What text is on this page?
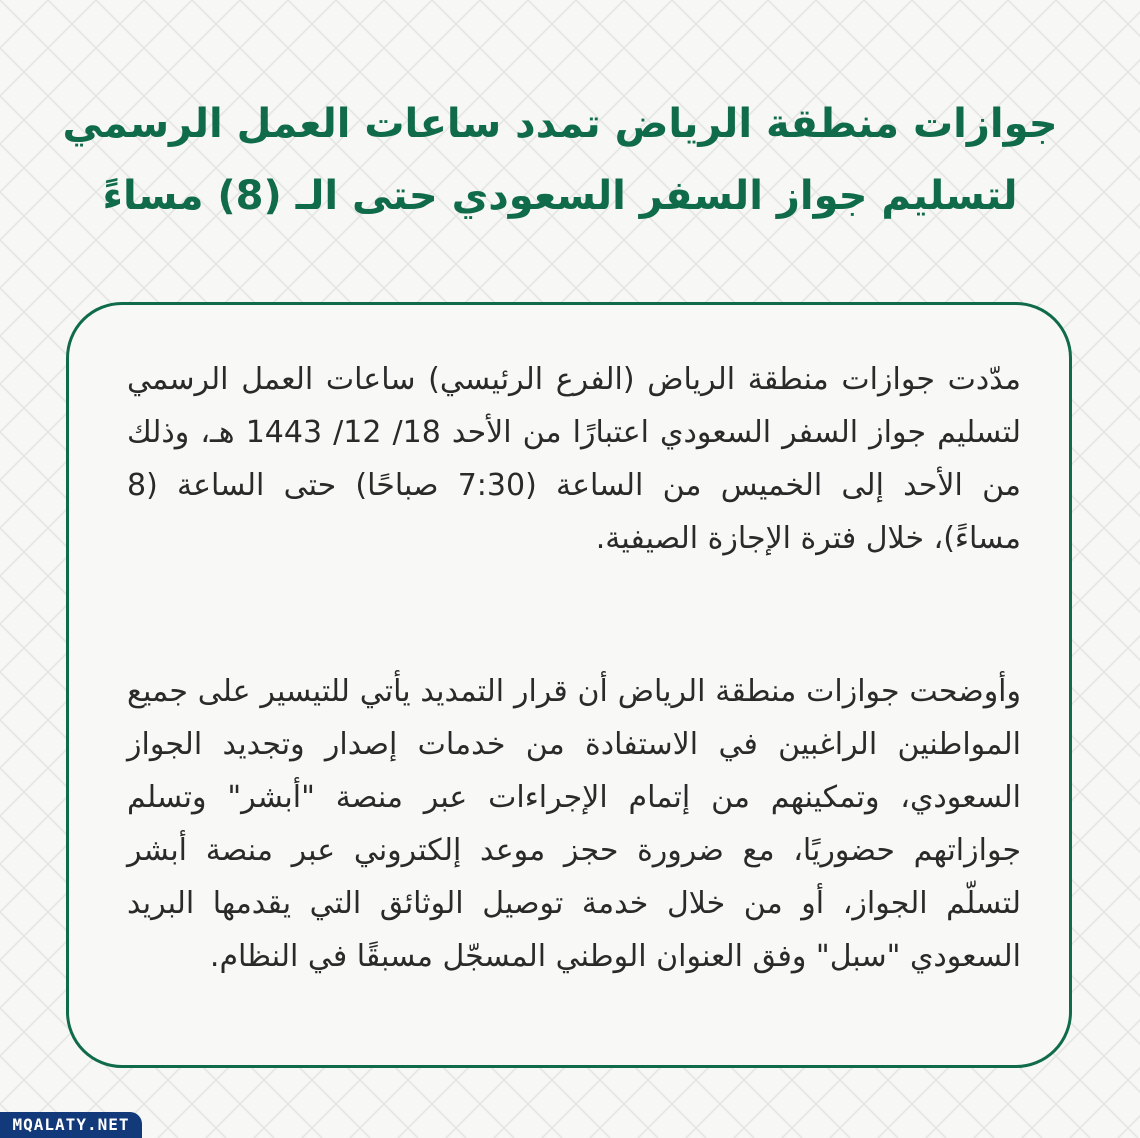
جوازات منطقة الرياض تمدد ساعات العمل الرسمي
لتسليم جواز السفر السعودي حتى الـ (8) مساءً

مدّدت جوازات منطقة الرياض (الفرع الرئيسي) ساعات العمل الرسمي لتسليم جواز السفر السعودي اعتبارًا من الأحد 18/ 12/ 1443 هـ، وذلك من الأحد إلى الخميس من الساعة (7:30 صباحًا) حتى الساعة (8 مساءً)، خلال فترة الإجازة الصيفية.

وأوضحت جوازات منطقة الرياض أن قرار التمديد يأتي للتيسير على جميع المواطنين الراغبين في الاستفادة من خدمات إصدار وتجديد الجواز السعودي، وتمكينهم من إتمام الإجراءات عبر منصة "أبشر" وتسلم جوازاتهم حضوريًا، مع ضرورة حجز موعد إلكتروني عبر منصة أبشر لتسلّم الجواز، أو من خلال خدمة توصيل الوثائق التي يقدمها البريد السعودي "سبل" وفق العنوان الوطني المسجّل مسبقًا في النظام.

MQALATY.NET
